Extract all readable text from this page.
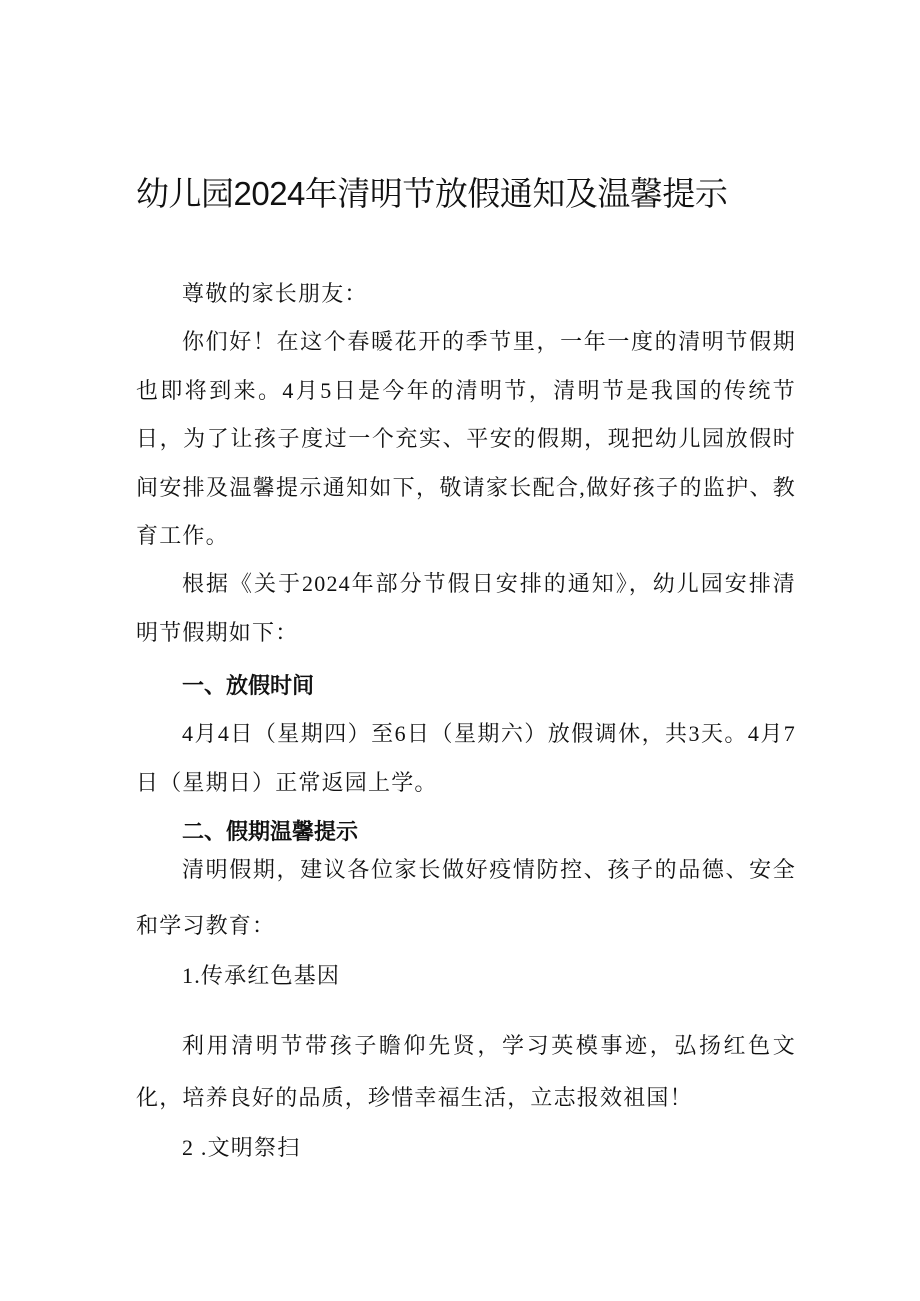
幼儿园2024年清明节放假通知及温馨提示

尊敬的家长朋友：

你们好！在这个春暖花开的季节里，一年一度的清明节假期也即将到来。4月5日是今年的清明节，清明节是我国的传统节日，为了让孩子度过一个充实、平安的假期，现把幼儿园放假时间安排及温馨提示通知如下，敬请家长配合,做好孩子的监护、教育工作。

根据《关于2024年部分节假日安排的通知》，幼儿园安排清明节假期如下：

一、放假时间

4月4日（星期四）至6日（星期六）放假调休，共3天。4月7日（星期日）正常返园上学。

二、假期温馨提示

清明假期，建议各位家长做好疫情防控、孩子的品德、安全和学习教育：

1.传承红色基因

利用清明节带孩子瞻仰先贤，学习英模事迹，弘扬红色文化，培养良好的品质，珍惜幸福生活，立志报效祖国！

2 .文明祭扫
